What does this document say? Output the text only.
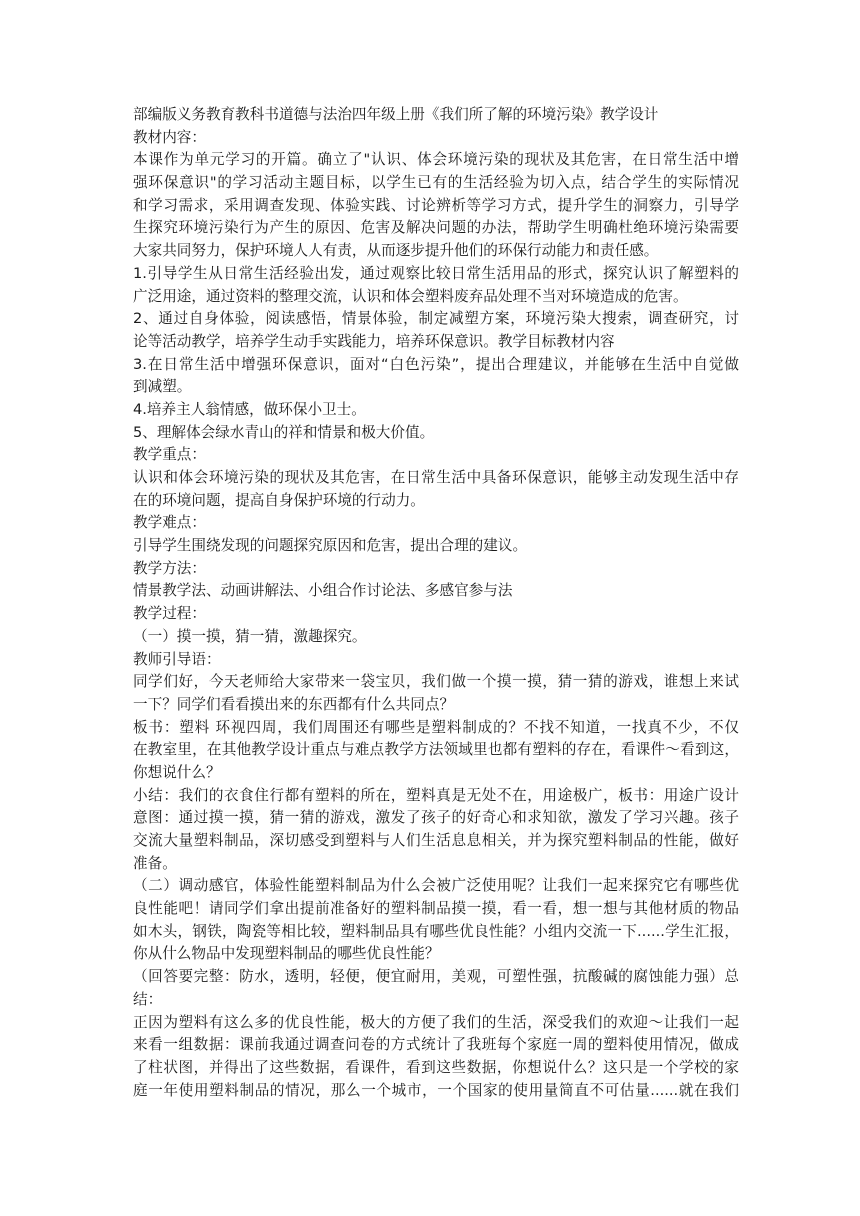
部编版义务教育教科书道德与法治四年级上册《我们所了解的环境污染》教学设计
教材内容：
本课作为单元学习的开篇。确立了"认识、体会环境污染的现状及其危害，在日常生活中增
强环保意识"的学习活动主题目标，以学生已有的生活经验为切入点，结合学生的实际情况
和学习需求，采用调查发现、体验实践、讨论辨析等学习方式，提升学生的洞察力，引导学
生探究环境污染行为产生的原因、危害及解决问题的办法，帮助学生明确杜绝环境污染需要
大家共同努力，保护环境人人有责，从而逐步提升他们的环保行动能力和责任感。
1.引导学生从日常生活经验出发，通过观察比较日常生活用品的形式，探究认识了解塑料的
广泛用途，通过资料的整理交流，认识和体会塑料废弃品处理不当对环境造成的危害。
2、通过自身体验，阅读感悟，情景体验，制定减塑方案，环境污染大搜索，调查研究，讨
论等活动教学，培养学生动手实践能力，培养环保意识。教学目标教材内容
3.在日常生活中增强环保意识，面对“白色污染”，提出合理建议，并能够在生活中自觉做
到减塑。
4.培养主人翁情感，做环保小卫士。
5、理解体会绿水青山的祥和情景和极大价值。
教学重点：
认识和体会环境污染的现状及其危害，在日常生活中具备环保意识，能够主动发现生活中存
在的环境问题，提高自身保护环境的行动力。
教学难点：
引导学生围绕发现的问题探究原因和危害，提出合理的建议。
教学方法：
情景教学法、动画讲解法、小组合作讨论法、多感官参与法
教学过程：
（一）摸一摸，猜一猜，激趣探究。
教师引导语：
同学们好，今天老师给大家带来一袋宝贝，我们做一个摸一摸，猜一猜的游戏，谁想上来试
一下？同学们看看摸出来的东西都有什么共同点？
板书：塑料 环视四周，我们周围还有哪些是塑料制成的？不找不知道，一找真不少，不仅
在教室里，在其他教学设计重点与难点教学方法领域里也都有塑料的存在，看课件～看到这，
你想说什么？
小结：我们的衣食住行都有塑料的所在，塑料真是无处不在，用途极广，板书：用途广设计
意图：通过摸一摸，猜一猜的游戏，激发了孩子的好奇心和求知欲，激发了学习兴趣。孩子
交流大量塑料制品，深切感受到塑料与人们生活息息相关，并为探究塑料制品的性能，做好
准备。
（二）调动感官，体验性能塑料制品为什么会被广泛使用呢？让我们一起来探究它有哪些优
良性能吧！请同学们拿出提前准备好的塑料制品摸一摸，看一看，想一想与其他材质的物品
如木头，钢铁，陶瓷等相比较，塑料制品具有哪些优良性能？小组内交流一下......学生汇报，
你从什么物品中发现塑料制品的哪些优良性能？
（回答要完整：防水，透明，轻便，便宜耐用，美观，可塑性强，抗酸碱的腐蚀能力强）总
结：
正因为塑料有这么多的优良性能，极大的方便了我们的生活，深受我们的欢迎～让我们一起
来看一组数据：课前我通过调查问卷的方式统计了我班每个家庭一周的塑料使用情况，做成
了柱状图，并得出了这些数据，看课件，看到这些数据，你想说什么？这只是一个学校的家
庭一年使用塑料制品的情况，那么一个城市，一个国家的使用量简直不可估量......就在我们
